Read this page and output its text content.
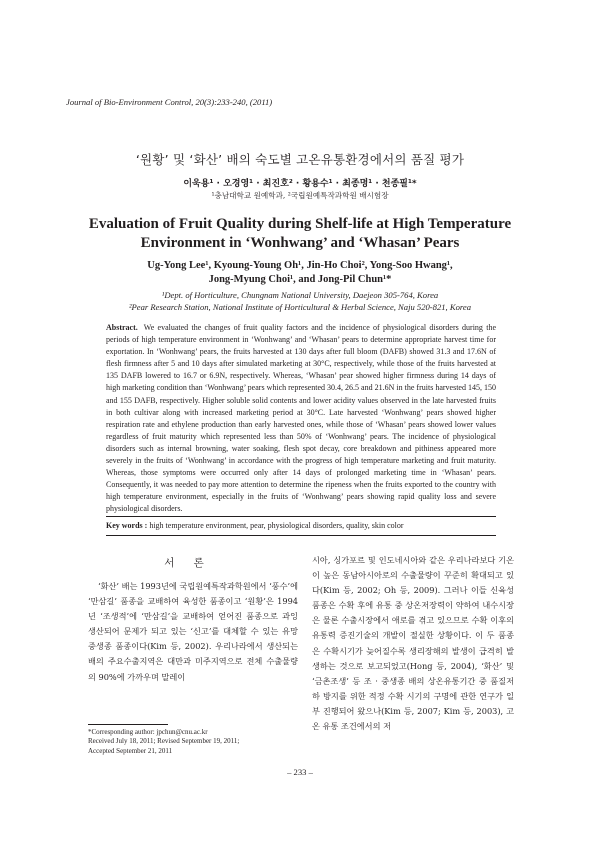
Journal of Bio-Environment Control, 20(3):233-240, (2011)
‘원황’ 및 ‘화산’ 배의 숙도별 고온유통환경에서의 품질 평가
이욱용¹ · 오경영¹ · 최진호² · 황용수¹ · 최종명¹ · 천종필¹*
¹충남대학교 원예학과, ²국립원예특작과학원 배시험장
Evaluation of Fruit Quality during Shelf-life at High Temperature
Environment in ‘Wonhwang’ and ‘Whasan’ Pears
Ug-Yong Lee¹, Kyoung-Young Oh¹, Jin-Ho Choi², Yong-Soo Hwang¹,
Jong-Myung Choi¹, and Jong-Pil Chun¹*
¹Dept. of Horticulture, Chungnam National University, Daejeon 305-764, Korea
²Pear Research Station, National Institute of Horticultural & Herbal Science, Naju 520-821, Korea
Abstract. We evaluated the changes of fruit quality factors and the incidence of physiological disorders during the periods of high temperature environment in ‘Wonhwang’ and ‘Whasan’ pears to determine appropriate harvest time for exportation. In ‘Wonhwang’ pears, the fruits harvested at 130 days after full bloom (DAFB) showed 31.3 and 17.6N of flesh firmness after 5 and 10 days after simulated marketing at 30°C, respectively, while those of the fruits harvested at 135 DAFB lowered to 16.7 or 6.9N, respectively. Whereas, ‘Whasan’ pear showed higher firmness during 14 days of high marketing condition than ‘Wonhwang’ pears which represented 30.4, 26.5 and 21.6N in the fruits harvested 145, 150 and 155 DAFB, respectively. Higher soluble solid contents and lower acidity values observed in the late harvested fruits in both cultivar along with increased marketing period at 30°C. Late harvested ‘Wonhwang’ pears showed higher respiration rate and ethylene production than early harvested ones, while those of ‘Whasan’ pears showed lower values regardless of fruit maturity which represented less than 50% of ‘Wonhwang’ pears. The incidence of physiological disorders such as internal browning, water soaking, flesh spot decay, core breakdown and pithiness appeared more severely in the fruits of ‘Wonhwang’ in accordance with the progress of high temperature marketing and fruit maturity. Whereas, those symptoms were occurred only after 14 days of prolonged marketing time in ‘Whasan’ pears. Consequently, it was needed to pay more attention to determine the ripeness when the fruits exported to the country with high temperature environment, especially in the fruits of ‘Wonhwang’ pears showing rapid quality loss and severe physiological disorders.
Key words : high temperature environment, pear, physiological disorders, quality, skin color
서 론
‘화산’ 배는 1993년에 국립원예특작과학원에서 ‘풍수’에 ‘만삼길’ 품종을 교배하여 육성한 품종이고 ‘원황’은 1994년 ‘조생적’에 ‘만삼길’을 교배하여 얻어진 품종으로 과잉 생산되어 문제가 되고 있는 ‘신고’를 대체할 수 있는 유망 중생종 품종이다(Kim 등, 2002). 우리나라에서 생산되는 배의 주요수출지역은 대만과 미주지역으로 전체 수출물량의 90%에 가까우며 말레이
시아, 싱가포르 및 인도네시아와 같은 우리나라보다 기온이 높은 동남아시아로의 수출물량이 꾸준히 확대되고 있다(Kim 등, 2002; Oh 등, 2009). 그러나 이들 신육성 품종은 수확 후에 유통 중 상온저장력이 약하여 내수시장은 물론 수출시장에서 애로를 겪고 있으므로 수확 이후의 유통력 증진기술의 개발이 절실한 상황이다. 이 두 품종은 수확시기가 늦어질수록 생리장해의 발생이 급격히 발생하는 것으로 보고되었고(Hong 등, 2004), ‘화산’ 및 ‘금촌조생’ 등 조 · 중생종 배의 상온유통기간 중 품질저하 방지를 위한 적정 수확 시기의 구명에 관한 연구가 일부 진행되어 왔으나(Kim 등, 2007; Kim 등, 2003), 고온 유통 조건에서의 저
*Corresponding author: jpchun@cnu.ac.kr
Received July 18, 2011; Revised September 19, 2011;
Accepted September 21, 2011
– 233 –
